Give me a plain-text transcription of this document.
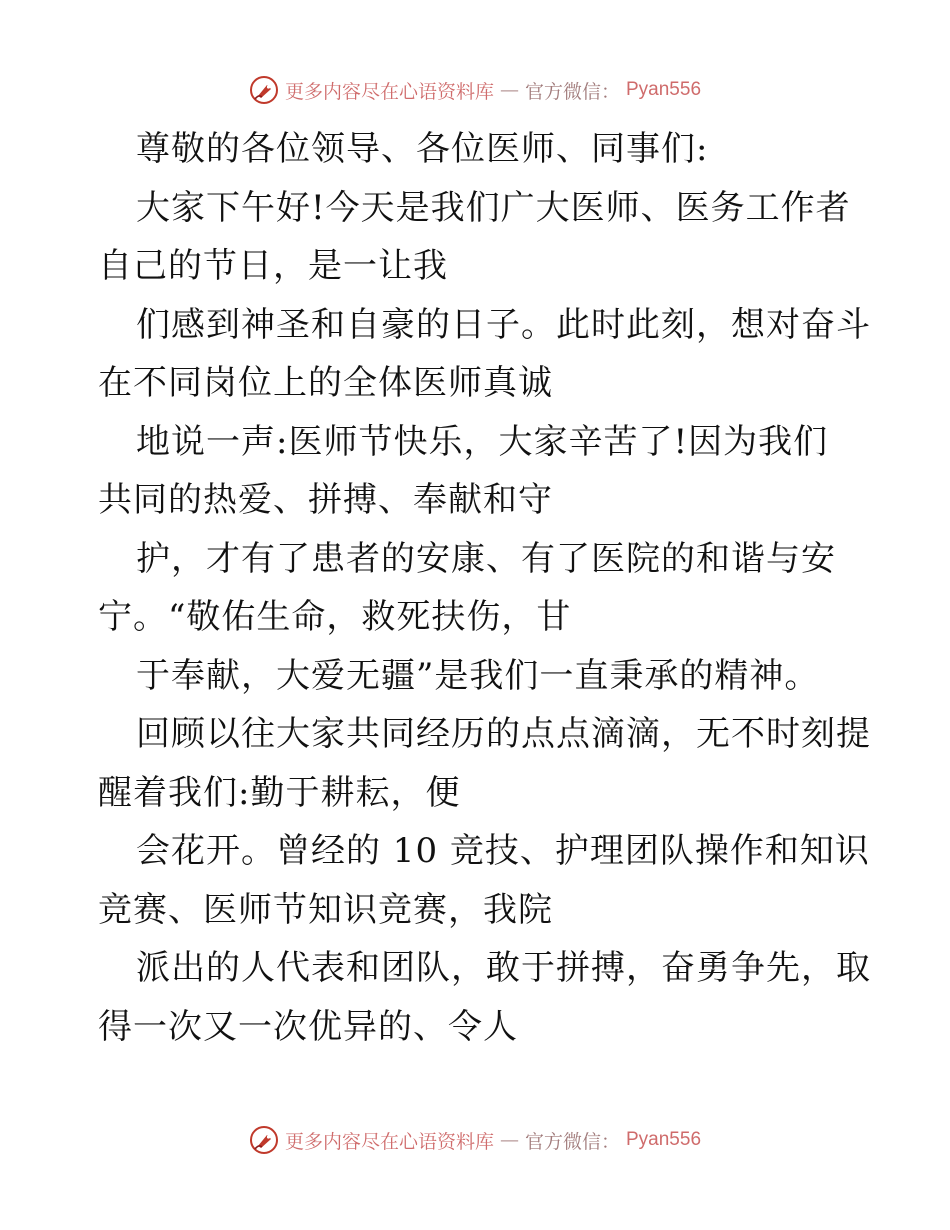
更多内容尽在心语资料库 — 官方微信： Pyan556
尊敬的各位领导、各位医师、同事们:
大家下午好!今天是我们广大医师、医务工作者
自己的节日，是一让我
们感到神圣和自豪的日子。此时此刻，想对奋斗
在不同岗位上的全体医师真诚
地说一声:医师节快乐，大家辛苦了!因为我们
共同的热爱、拼搏、奉献和守
护，才有了患者的安康、有了医院的和谐与安
宁。“敬佑生命，救死扶伤，甘
于奉献，大爱无疆”是我们一直秉承的精神。
回顾以往大家共同经历的点点滴滴，无不时刻提
醒着我们:勤于耕耘，便
会花开。曾经的 10 竞技、护理团队操作和知识
竞赛、医师节知识竞赛，我院
派出的人代表和团队，敢于拼搏，奋勇争先，取
得一次又一次优异的、令人
更多内容尽在心语资料库 — 官方微信： Pyan556
